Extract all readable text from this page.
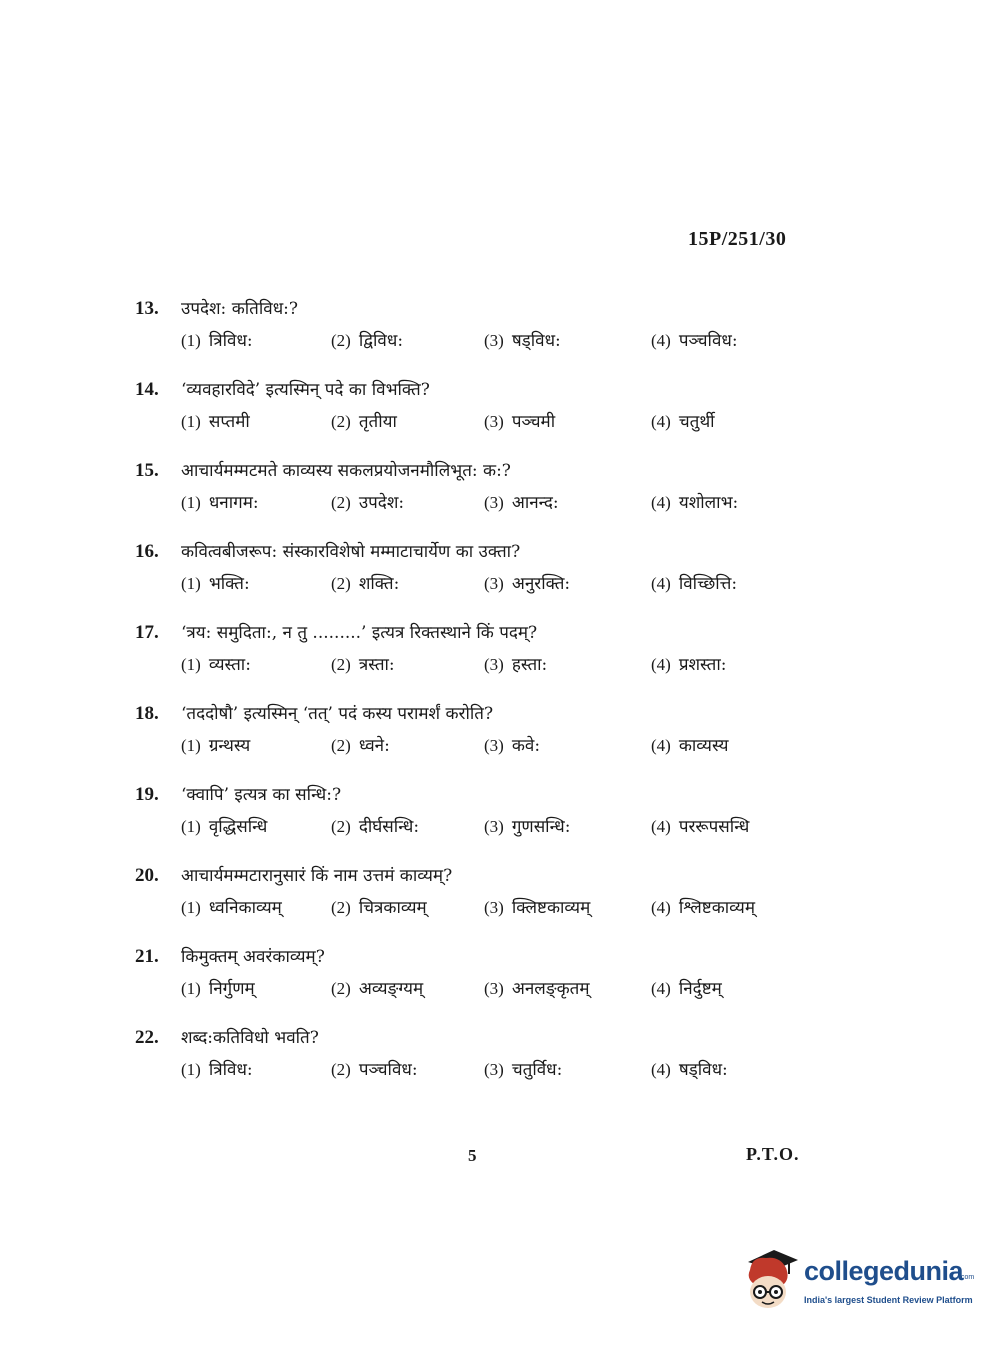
15P/251/30
13.	उपदेश: कतिविध:?
(1) त्रिविध:	(2) द्विविध:	(3) षड्विध:	(4) पञ्चविध:
14.	‘व्यवहारविदे’ इत्यस्मिन् पदे का विभक्ति?
(1) सप्तमी	(2) तृतीया	(3) पञ्चमी	(4) चतुर्थी
15.	आचार्यमम्मटमते काव्यस्य सकलप्रयोजनमौलिभूत: क:?
(1) धनागम:	(2) उपदेश:	(3) आनन्द:	(4) यशोलाभ:
16.	कवित्वबीजरूप: संस्कारविशेषो मम्माटाचार्येण का उक्ता?
(1) भक्ति:	(2) शक्ति:	(3) अनुरक्ति:	(4) विच्छित्ति:
17.	‘त्रय: समुदिता:, न तु .........’ इत्यत्र रिक्तस्थाने किं पदम्?
(1) व्यस्ता:	(2) त्रस्ता:	(3) हस्ता:	(4) प्रशस्ता:
18.	‘तददोषौ’ इत्यस्मिन् ‘तत्’ पदं कस्य परामर्शं करोति?
(1) ग्रन्थस्य	(2) ध्वने:	(3) कवे:	(4) काव्यस्य
19.	‘क्वापि’ इत्यत्र का सन्धि:?
(1) वृद्धिसन्धि	(2) दीर्घसन्धि:	(3) गुणसन्धि:	(4) पररूपसन्धि
20.	आचार्यमम्मटारानुसारं किं नाम उत्तमं काव्यम्?
(1) ध्वनिकाव्यम्	(2) चित्रकाव्यम्	(3) क्लिष्टकाव्यम्	(4) श्लिष्टकाव्यम्
21.	किमुक्तम् अवरंकाव्यम्?
(1) निर्गुणम्	(2) अव्यङ्ग्यम्	(3) अनलङ्कृतम्	(4) निर्दुष्टम्
22.	शब्द:कतिविधो भवति?
(1) त्रिविध:	(2) पञ्चविध:	(3) चतुर्विध:	(4) षड्विध:
5	P.T.O.
collegedunia
.com
India's largest Student Review Platform
